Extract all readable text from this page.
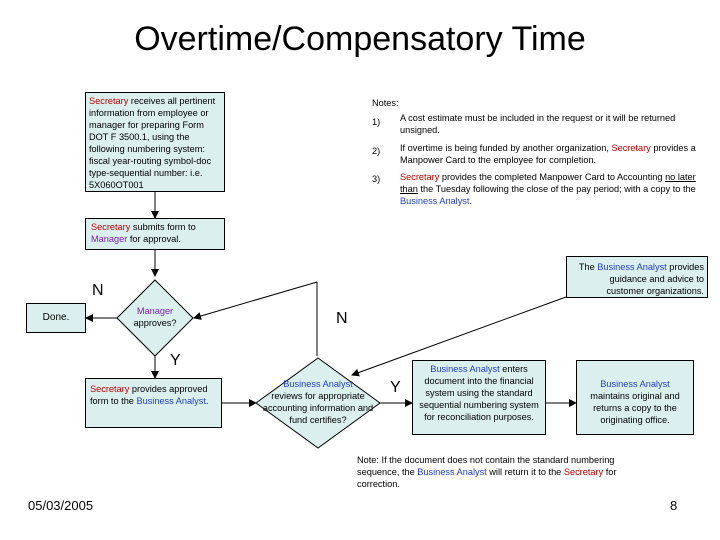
Overtime/Compensatory Time
Secretary receives all pertinent information from employee or manager for preparing Form DOT F 3500.1, using the following numbering system: fiscal year-routing symbol-doc type-sequential number: i.e. 5X060OT001
Notes:
1) A cost estimate must be included in the request or it will be returned unsigned.
2) If overtime is being funded by another organization, Secretary provides a Manpower Card to the employee for completion.
3) Secretary provides the completed Manpower Card to Accounting no later than the Tuesday following the close of the pay period; with a copy to the Business Analyst.
Secretary submits form to Manager for approval.
The Business Analyst provides guidance and advice to customer organizations.
N
N
Y
Y
Done.
Manager
approves?
Secretary provides approved form to the Business Analyst.
Business Analyst
reviews for appropriate accounting information and fund certifies?
Business Analyst enters document into the financial system using the standard sequential numbering system for reconciliation purposes.
Business Analyst
maintains original and returns a copy to the originating office.
Note: If the document does not contain the standard numbering sequence, the Business Analyst will return it to the Secretary for correction.
05/03/2005	8
